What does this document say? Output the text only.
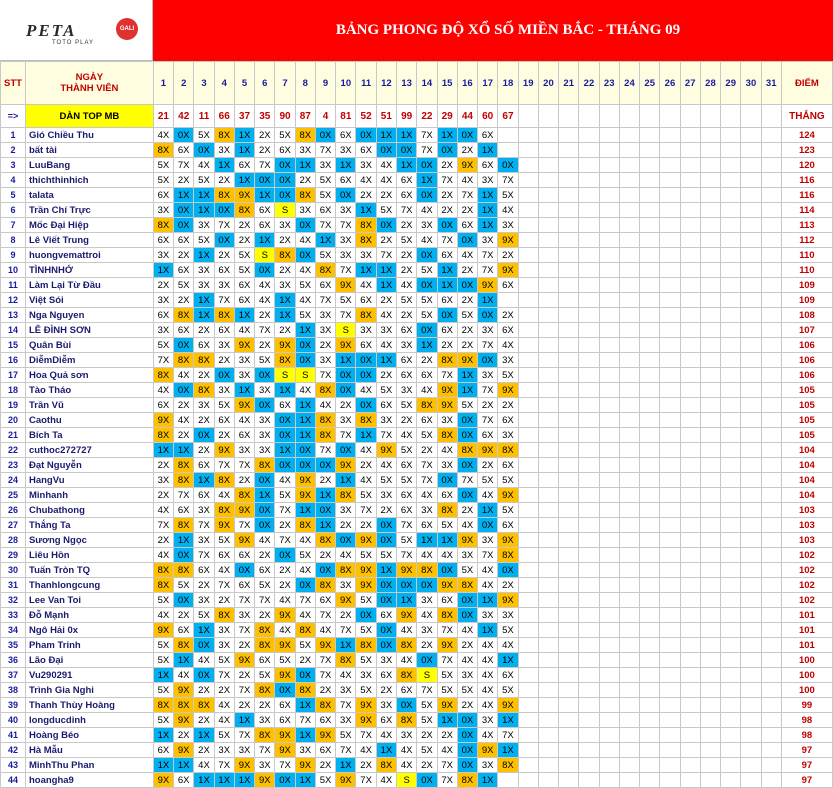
PETA	GALI
TOTO PLAY
BẢNG PHONG ĐỘ XỔ SỐ MIỀN BẮC - THÁNG 09
STT	NGÀY
THÀNH VIÊN	1	2	3	4	5	6	7	8	9	10	11	12	13	14	15	16	17	18	19	20	21	22	23	24	25	26	27	28	29	30	31	ĐIỂM
=>	DÀN TOP MB	21	42	11	66	37	35	90	87	4	81	52	51	99	22	29	44	60	67														THẮNG
1	Gió Chiều Thu	4X	0X	5X	8X	1X	2X	5X	8X	0X	6X	0X	1X	1X	7X	1X	0X	6X															124
2	bất tài	8X	6X	0X	3X	1X	2X	6X	3X	7X	3X	6X	0X	0X	7X	0X	2X	1X															123
3	LuuBang	5X	7X	4X	1X	6X	7X	0X	1X	3X	1X	3X	4X	1X	0X	2X	9X	6X	0X														120
4	thichthinhich	5X	2X	5X	2X	1X	0X	0X	2X	5X	6X	4X	4X	6X	1X	7X	4X	3X	7X														116
5	talata	6X	1X	1X	8X	9X	1X	0X	8X	5X	0X	2X	2X	6X	0X	2X	7X	1X	5X														116
6	Trần Chí Trực	3X	0X	1X	0X	8X	6X	S	3X	6X	3X	1X	5X	7X	4X	2X	2X	1X	4X														114
7	Mốc Đại Hiệp	8X	0X	3X	7X	2X	6X	3X	0X	7X	7X	8X	0X	2X	3X	0X	6X	1X	3X														113
8	Lê Viết Trung	6X	6X	5X	0X	2X	1X	2X	4X	1X	3X	8X	2X	5X	4X	7X	0X	3X	9X														112
9	huongvemattroi	3X	2X	1X	2X	5X	S	8X	0X	5X	3X	3X	7X	2X	0X	6X	4X	7X	2X														110
10	TÌNHNHỚ	1X	6X	3X	6X	5X	0X	2X	4X	8X	7X	1X	1X	2X	5X	1X	2X	7X	9X														110
11	Làm Lại Từ Đầu	2X	5X	3X	3X	6X	4X	3X	5X	6X	9X	4X	1X	4X	0X	1X	0X	9X	6X														109
12	Việt Sói	3X	2X	1X	7X	6X	4X	1X	4X	7X	5X	6X	2X	5X	5X	6X	2X	1X															109
13	Nga Nguyen	6X	8X	1X	8X	1X	2X	1X	5X	3X	7X	8X	4X	2X	5X	0X	5X	0X	2X														108
14	LÊ ĐÌNH SƠN	3X	6X	2X	6X	4X	7X	2X	1X	3X	S	3X	3X	6X	0X	6X	2X	3X	6X														107
15	Quân Bùi	5X	0X	6X	3X	9X	2X	9X	0X	2X	9X	6X	4X	3X	1X	2X	2X	7X	4X														106
16	DiễmDiễm	7X	8X	8X	2X	3X	5X	8X	0X	3X	1X	0X	1X	6X	2X	8X	9X	0X	3X														106
17	Hoa Quả sơn	8X	4X	2X	0X	3X	0X	S	S	7X	0X	0X	2X	6X	6X	7X	1X	3X	5X														106
18	Tào Tháo	4X	0X	8X	3X	1X	3X	1X	4X	8X	0X	4X	5X	3X	4X	9X	1X	7X	9X														105
19	Trần Vũ	6X	2X	3X	5X	9X	0X	6X	1X	4X	2X	0X	6X	5X	8X	9X	5X	2X	2X														105
20	Caothu	9X	4X	2X	6X	4X	3X	0X	1X	8X	3X	8X	3X	2X	6X	3X	0X	7X	6X														105
21	Bích Ta	8X	2X	0X	2X	6X	3X	0X	1X	8X	7X	1X	7X	4X	5X	8X	0X	6X	3X														105
22	cuthoc272727	1X	1X	2X	9X	3X	3X	1X	0X	7X	0X	4X	9X	5X	2X	4X	8X	9X	8X														104
23	Đạt Nguyễn	2X	8X	6X	7X	7X	8X	0X	0X	0X	9X	2X	4X	6X	7X	3X	0X	2X	6X														104
24	HangVu	3X	8X	1X	8X	2X	0X	4X	9X	2X	1X	4X	5X	5X	7X	0X	7X	5X	5X														104
25	Minhanh	2X	7X	6X	4X	8X	1X	5X	9X	1X	8X	5X	3X	6X	4X	6X	0X	4X	9X														104
26	Chubathong	4X	6X	3X	8X	9X	0X	7X	1X	0X	3X	7X	2X	6X	3X	8X	2X	1X	5X														103
27	Thắng Ta	7X	8X	7X	9X	7X	0X	2X	8X	1X	2X	2X	0X	7X	6X	5X	4X	0X	6X														103
28	Sương Ngọc	2X	1X	3X	5X	9X	4X	7X	4X	8X	0X	9X	0X	5X	1X	1X	9X	3X	9X														103
29	Liêu Hồn	4X	0X	7X	6X	6X	2X	0X	5X	2X	4X	5X	5X	7X	4X	4X	3X	7X	8X														102
30	Tuấn Tròn TQ	8X	8X	6X	4X	0X	6X	2X	4X	0X	8X	9X	1X	9X	8X	0X	5X	4X	0X														102
31	Thanhlongcung	8X	5X	2X	7X	6X	5X	2X	0X	8X	3X	9X	0X	0X	0X	9X	8X	4X	2X														102
32	Lee Van Toi	5X	0X	3X	2X	7X	7X	4X	7X	6X	9X	5X	0X	1X	3X	6X	0X	1X	9X														102
33	Đỗ Mạnh	4X	2X	5X	8X	3X	2X	9X	4X	7X	2X	0X	6X	9X	4X	8X	0X	3X	3X														101
34	Ngô Hải 0x	9X	6X	1X	3X	7X	8X	4X	8X	4X	7X	5X	0X	4X	3X	7X	4X	1X	5X														101
35	Pham Trinh	5X	8X	0X	3X	2X	8X	9X	5X	9X	1X	8X	0X	8X	2X	9X	2X	4X	4X														101
36	Lão Đại	5X	1X	4X	5X	9X	6X	5X	2X	7X	8X	5X	3X	4X	0X	7X	4X	4X	1X														100
37	Vu290291	1X	4X	0X	7X	2X	5X	9X	0X	7X	4X	3X	6X	8X	S	5X	3X	4X	6X														100
38	Trình Gia Nghi	5X	9X	2X	2X	7X	8X	0X	8X	2X	3X	5X	2X	6X	7X	5X	5X	4X	5X														100
39	Thanh Thùy Hoàng	8X	8X	8X	4X	2X	2X	6X	1X	8X	7X	9X	3X	0X	5X	9X	2X	4X	9X														99
40	longducdinh	5X	9X	2X	4X	1X	3X	6X	7X	6X	3X	9X	6X	8X	5X	1X	0X	3X	1X														98
41	Hoàng Béo	1X	2X	1X	5X	7X	8X	9X	1X	9X	5X	7X	4X	3X	2X	2X	0X	4X	7X														98
42	Hà Mẫu	6X	9X	2X	3X	3X	7X	9X	3X	6X	7X	4X	1X	4X	5X	4X	0X	9X	1X														97
43	MinhThu Phan	1X	1X	4X	7X	9X	3X	7X	9X	2X	1X	2X	8X	4X	2X	7X	0X	3X	8X														97
44	hoangha9	9X	6X	1X	1X	1X	9X	0X	1X	5X	9X	7X	4X	S	0X	7X	8X	1X															97
